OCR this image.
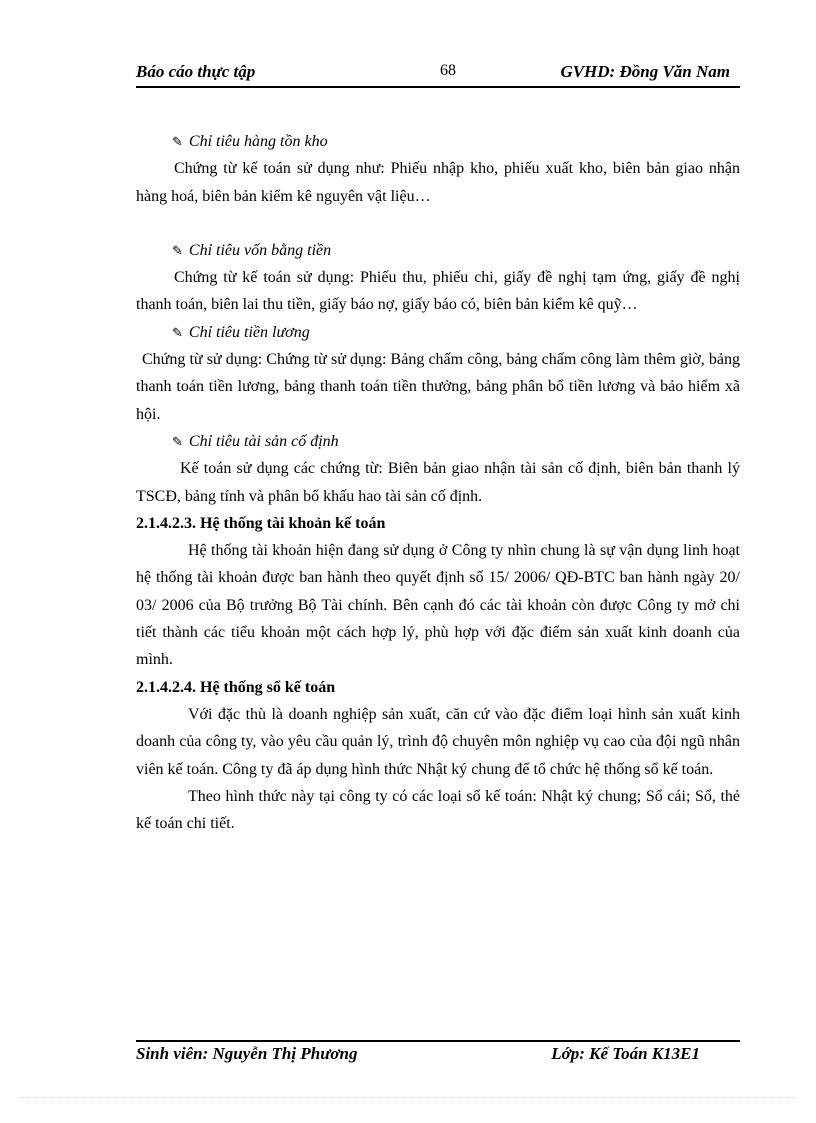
Báo cáo thực tập	68	GVHD: Đồng Văn Nam

✎ Chỉ tiêu hàng tồn kho

Chứng từ kế toán sử dụng như: Phiếu nhập kho, phiếu xuất kho, biên bản giao nhận hàng hoá, biên bản kiểm kê nguyên vật liệu…

✎ Chỉ tiêu vốn bằng tiền

Chứng từ kế toán sử dụng: Phiếu thu, phiếu chi, giấy đề nghị tạm ứng, giấy đề nghị thanh toán, biên lai thu tiền, giấy báo nợ, giấy báo có, biên bản kiểm kê quỹ…

✎ Chỉ tiêu tiền lương

Chứng từ sử dụng: Chứng từ sử dụng: Bảng chấm công, bảng chấm công làm thêm giờ, bảng thanh toán tiền lương, bảng thanh toán tiền thưởng, bảng phân bổ tiền lương và bảo hiểm xã hội.

✎ Chỉ tiêu tài sản cố định

Kế toán sử dụng các chứng từ: Biên bản giao nhận tài sản cố định, biên bản thanh lý TSCĐ, bảng tính và phân bổ khấu hao tài sản cố định.

2.1.4.2.3. Hệ thống tài khoản kế toán

Hệ thống tài khoản hiện đang sử dụng ở Công ty nhìn chung là sự vận dụng linh hoạt hệ thống tài khoản được ban hành theo quyết định số 15/ 2006/ QĐ-BTC ban hành ngày 20/ 03/ 2006 của Bộ trưởng Bộ Tài chính. Bên cạnh đó các tài khoản còn được Công ty mở chi tiết thành các tiểu khoản một cách hợp lý, phù hợp với đặc điểm sản xuất kinh doanh của mình.

2.1.4.2.4. Hệ thống sổ kế toán

Với đặc thù là doanh nghiệp sản xuất, căn cứ vào đặc điểm loại hình sản xuất kinh doanh của công ty, vào yêu cầu quản lý, trình độ chuyên môn nghiệp vụ cao của đội ngũ nhân viên kế toán. Công ty đã áp dụng hình thức Nhật ký chung để tổ chức hệ thống sổ kế toán.

Theo hình thức này tại công ty có các loại sổ kế toán: Nhật ký chung; Sổ cái; Sổ, thẻ kế toán chi tiết.

Sinh viên: Nguyễn Thị Phương	Lớp: Kế Toán K13E1
